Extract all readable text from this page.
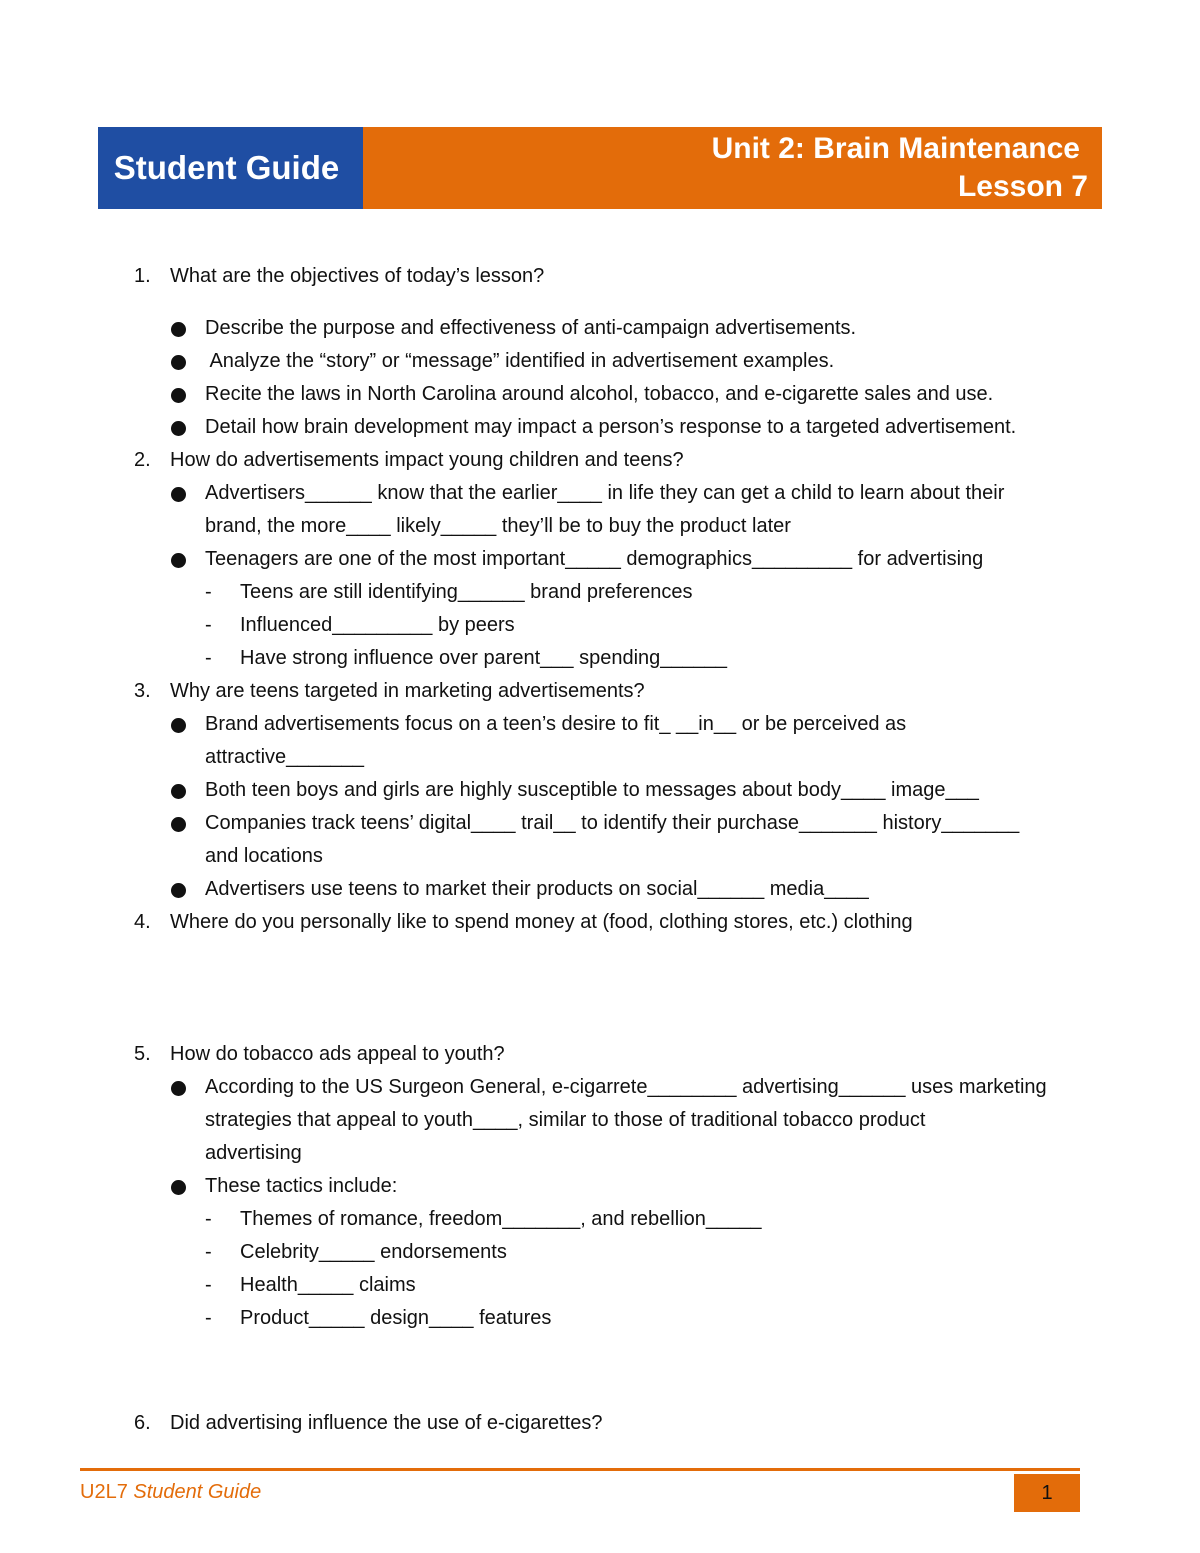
Student Guide
Unit 2: Brain Maintenance
Lesson 7
1. What are the objectives of today’s lesson?
Describe the purpose and effectiveness of anti-campaign advertisements.
Analyze the “story” or “message” identified in advertisement examples.
Recite the laws in North Carolina around alcohol, tobacco, and e-cigarette sales and use.
Detail how brain development may impact a person’s response to a targeted advertisement.
2. How do advertisements impact young children and teens?
Advertisers______ know that the earlier____ in life they can get a child to learn about their
brand, the more____ likely_____ they’ll be to buy the product later
Teenagers are one of the most important_____ demographics_________ for advertising
- Teens are still identifying______ brand preferences
- Influenced_________ by peers
- Have strong influence over parent___ spending______
3. Why are teens targeted in marketing advertisements?
Brand advertisements focus on a teen’s desire to fit_ __in__ or be perceived as
attractive_______
Both teen boys and girls are highly susceptible to messages about body____ image___
Companies track teens’ digital____ trail__ to identify their purchase_______ history_______
and locations
Advertisers use teens to market their products on social______ media____
4. Where do you personally like to spend money at (food, clothing stores, etc.) clothing
5. How do tobacco ads appeal to youth?
According to the US Surgeon General, e-cigarrete________ advertising______ uses marketing
strategies that appeal to youth____, similar to those of traditional tobacco product
advertising
These tactics include:
- Themes of romance, freedom_______, and rebellion_____
- Celebrity_____ endorsements
- Health_____ claims
- Product_____ design____ features
6. Did advertising influence the use of e-cigarettes?
U2L7 Student Guide	1
